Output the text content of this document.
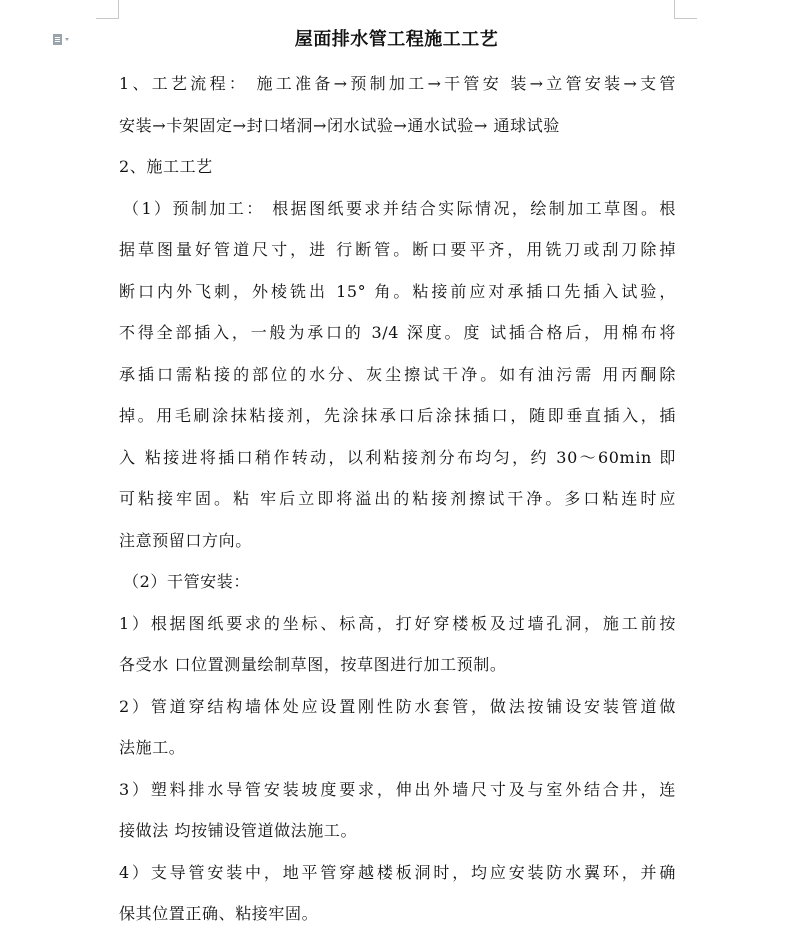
屋面排水管工程施工工艺
1、工艺流程： 施工准备→预制加工→干管安 装→立管安装→支管
安装→卡架固定→封口堵洞→闭水试验→通水试验→ 通球试验
2、施工工艺
（1）预制加工： 根据图纸要求并结合实际情况，绘制加工草图。根
据草图量好管道尺寸，进 行断管。断口要平齐，用铣刀或刮刀除掉
断口内外飞刺，外棱铣出 15° 角。粘接前应对承插口先插入试验，
不得全部插入，一般为承口的 3/4 深度。度 试插合格后，用棉布将
承插口需粘接的部位的水分、灰尘擦试干净。如有油污需 用丙酮除
掉。用毛刷涂抹粘接剂，先涂抹承口后涂抹插口，随即垂直插入，插
入 粘接进将插口稍作转动，以利粘接剂分布均匀，约 30～60min 即
可粘接牢固。粘 牢后立即将溢出的粘接剂擦试干净。多口粘连时应
注意预留口方向。
（2）干管安装：
1）根据图纸要求的坐标、标高，打好穿楼板及过墙孔洞，施工前按
各受水 口位置测量绘制草图，按草图进行加工预制。
2）管道穿结构墙体处应设置刚性防水套管，做法按铺设安装管道做
法施工。
3）塑料排水导管安装坡度要求，伸出外墙尺寸及与室外结合井，连
接做法 均按铺设管道做法施工。
4）支导管安装中，地平管穿越楼板洞时，均应安装防水翼环，并确
保其位置正确、粘接牢固。
